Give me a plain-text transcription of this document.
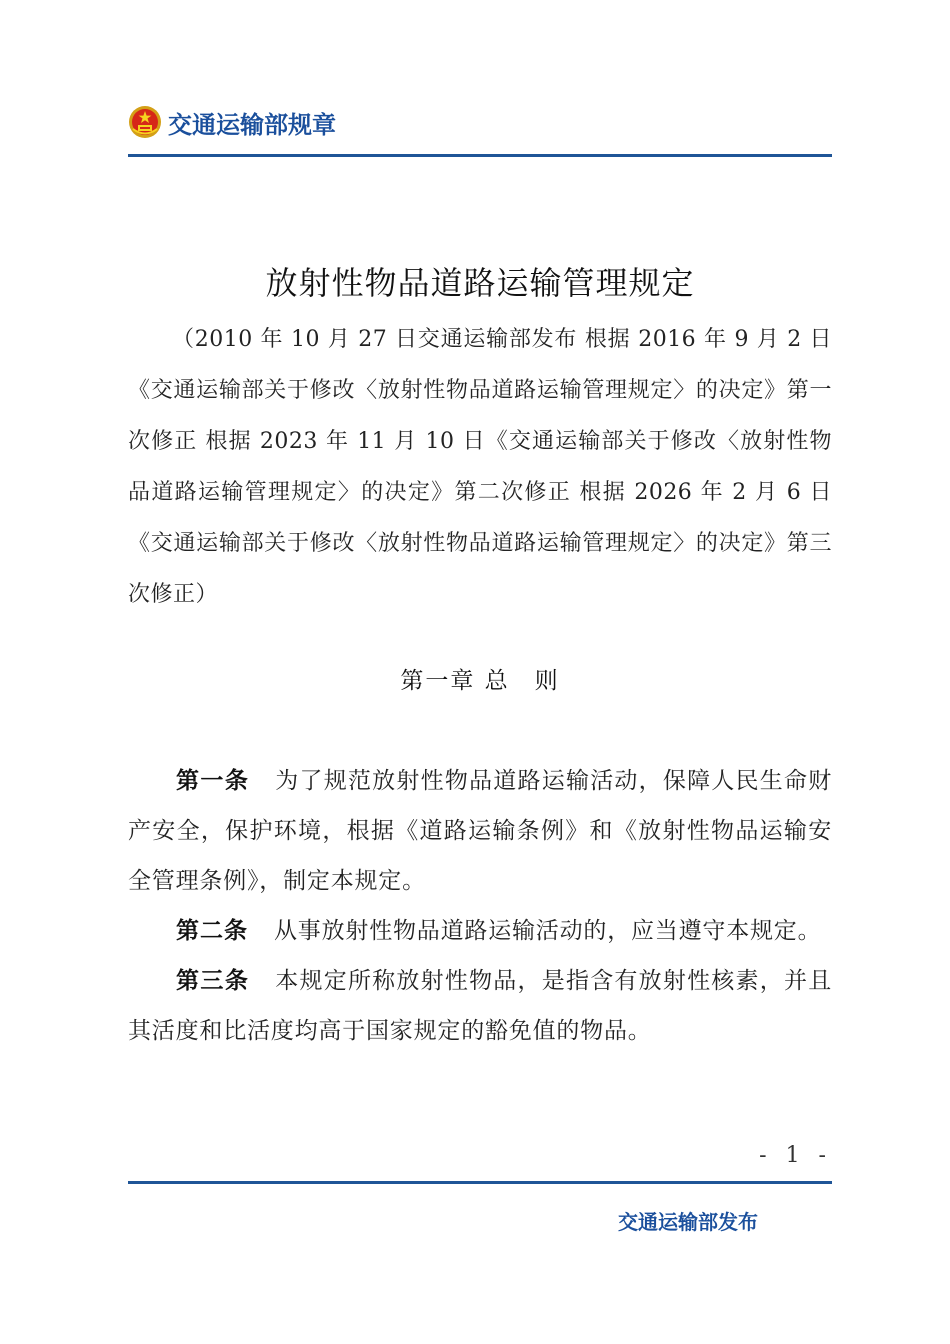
交通运输部规章
放射性物品道路运输管理规定
（2010 年 10 月 27 日交通运输部发布 根据 2016 年 9 月 2 日《交通运输部关于修改〈放射性物品道路运输管理规定〉的决定》第一次修正 根据 2023 年 11 月 10 日《交通运输部关于修改〈放射性物品道路运输管理规定〉的决定》第二次修正 根据 2026 年 2 月 6 日《交通运输部关于修改〈放射性物品道路运输管理规定〉的决定》第三次修正）
第一章 总　则

第一条 为了规范放射性物品道路运输活动，保障人民生命财产安全，保护环境，根据《道路运输条例》和《放射性物品运输安全管理条例》，制定本规定。

第二条 从事放射性物品道路运输活动的，应当遵守本规定。

第三条 本规定所称放射性物品，是指含有放射性核素，并且其活度和比活度均高于国家规定的豁免值的物品。

- 1 -
交通运输部发布
